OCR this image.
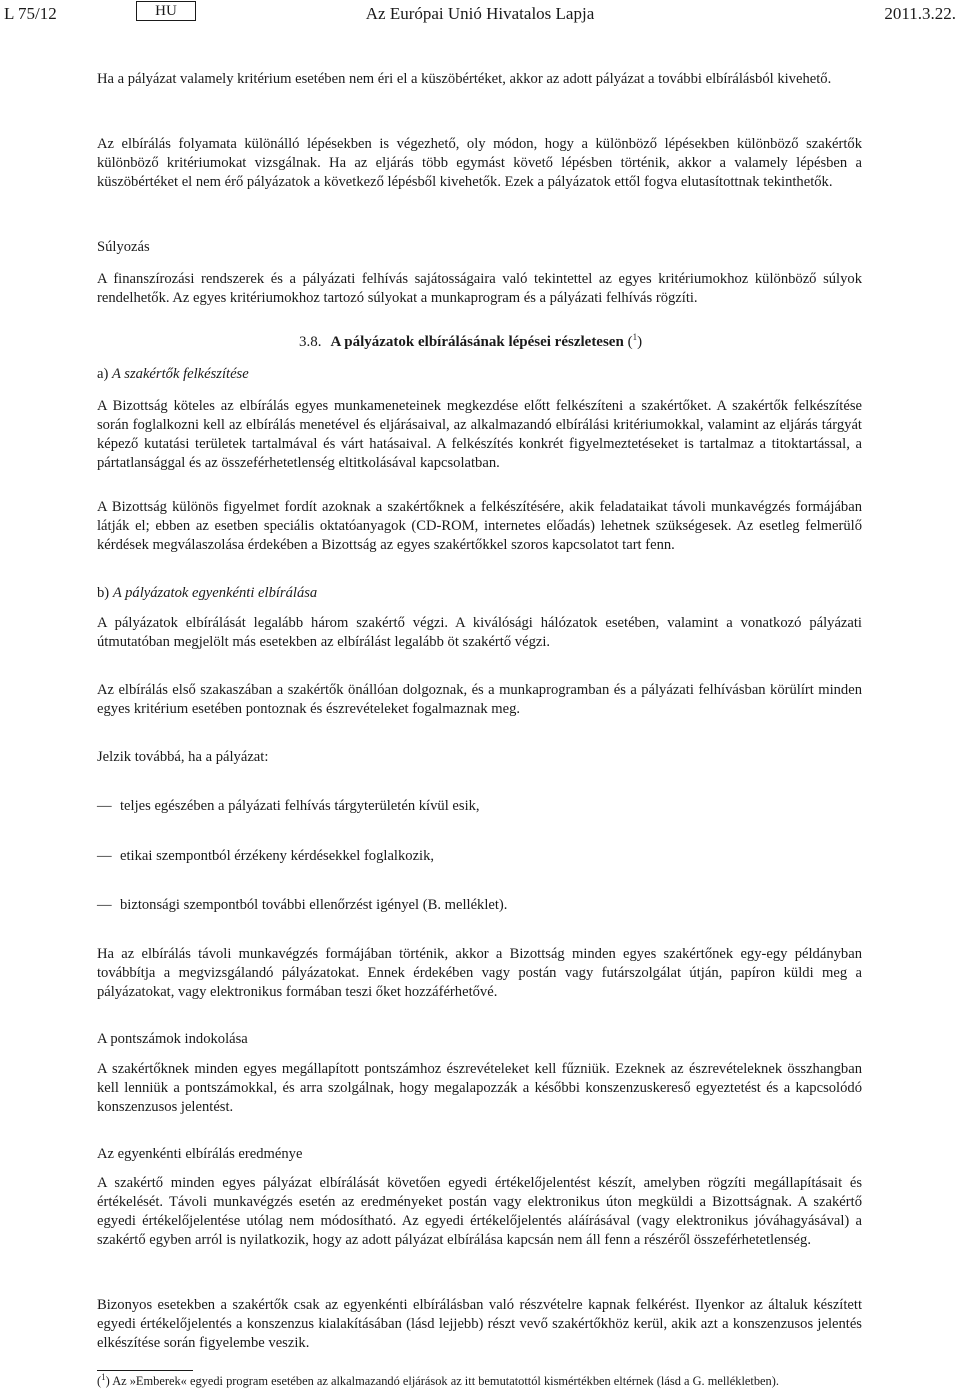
L 75/12	HU	Az Európai Unió Hivatalos Lapja	2011.3.22.

Ha a pályázat valamely kritérium esetében nem éri el a küszöbértéket, akkor az adott pályázat a további elbírálásból kivehető.

Az elbírálás folyamata különálló lépésekben is végezhető, oly módon, hogy a különböző lépésekben különböző szakértők különböző kritériumokat vizsgálnak. Ha az eljárás több egymást követő lépésben történik, akkor a valamely lépésben a küszöbértéket el nem érő pályázatok a következő lépésből kivehetők. Ezek a pályázatok ettől fogva elutasítottnak tekinthetők.

Súlyozás

A finanszírozási rendszerek és a pályázati felhívás sajátosságaira való tekintettel az egyes kritériumokhoz különböző súlyok rendelhetők. Az egyes kritériumokhoz tartozó súlyokat a munkaprogram és a pályázati felhívás rögzíti.

3.8. A pályázatok elbírálásának lépései részletesen ($^1$)

a) A szakértők felkészítése

A Bizottság köteles az elbírálás egyes munkameneteinek megkezdése előtt felkészíteni a szakértőket. A szakértők felkészítése során foglalkozni kell az elbírálás menetével és eljárásaival, az alkalmazandó elbírálási kritériumokkal, valamint az eljárás tárgyát képező kutatási területek tartalmával és várt hatásaival. A felkészítés konkrét figyelmeztetéseket is tartalmaz a titoktartással, a pártatlansággal és az összeférhetetlenség eltitkolásával kapcsolatban.

A Bizottság különös figyelmet fordít azoknak a szakértőknek a felkészítésére, akik feladataikat távoli munkavégzés formájában látják el; ebben az esetben speciális oktatóanyagok (CD-ROM, internetes előadás) lehetnek szükségesek. Az esetleg felmerülő kérdések megválaszolása érdekében a Bizottság az egyes szakértőkkel szoros kapcsolatot tart fenn.

b) A pályázatok egyenkénti elbírálása

A pályázatok elbírálását legalább három szakértő végzi. A kiválósági hálózatok esetében, valamint a vonatkozó pályázati útmutatóban megjelölt más esetekben az elbírálást legalább öt szakértő végzi.

Az elbírálás első szakaszában a szakértők önállóan dolgoznak, és a munkaprogramban és a pályázati felhívásban körülírt minden egyes kritérium esetében pontoznak és észrevételeket fogalmaznak meg.

Jelzik továbbá, ha a pályázat:

— teljes egészében a pályázati felhívás tárgyterületén kívül esik,
— etikai szempontból érzékeny kérdésekkel foglalkozik,
— biztonsági szempontból további ellenőrzést igényel (B. melléklet).

Ha az elbírálás távoli munkavégzés formájában történik, akkor a Bizottság minden egyes szakértőnek egy-egy példányban továbbítja a megvizsgálandó pályázatokat. Ennek érdekében vagy postán vagy futárszolgálat útján, papíron küldi meg a pályázatokat, vagy elektronikus formában teszi őket hozzáférhetővé.

A pontszámok indokolása

A szakértőknek minden egyes megállapított pontszámhoz észrevételeket kell fűzniük. Ezeknek az észrevételeknek összhangban kell lenniük a pontszámokkal, és arra szolgálnak, hogy megalapozzák a későbbi konszenzuskereső egyeztetést és a kapcsolódó konszenzusos jelentést.

Az egyenkénti elbírálás eredménye

A szakértő minden egyes pályázat elbírálását követően egyedi értékelőjelentést készít, amelyben rögzíti megállapításait és értékelését. Távoli munkavégzés esetén az eredményeket postán vagy elektronikus úton megküldi a Bizottságnak. A szakértő egyedi értékelőjelentése utólag nem módosítható. Az egyedi értékelőjelentés aláírásával (vagy elektronikus jóváhagyásával) a szakértő egyben arról is nyilatkozik, hogy az adott pályázat elbírálása kapcsán nem áll fenn a részéről összeférhetetlenség.

Bizonyos esetekben a szakértők csak az egyenkénti elbírálásban való részvételre kapnak felkérést. Ilyenkor az általuk készített egyedi értékelőjelentés a konszenzus kialakításában (lásd lejjebb) részt vevő szakértőkhöz kerül, akik azt a konszenzusos jelentés elkészítése során figyelembe veszik.

($^1$) Az »Emberek« egyedi program esetében az alkalmazandó eljárások az itt bemutatottól kismértékben eltérnek (lásd a G. mellékletben).
